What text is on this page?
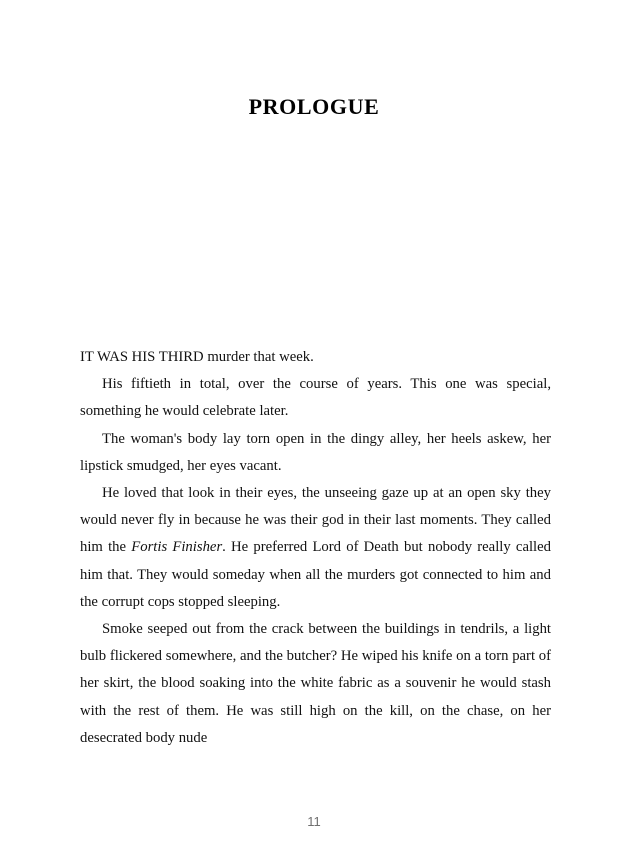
PROLOGUE

IT WAS HIS THIRD murder that week.

His fiftieth in total, over the course of years. This one was special, something he would celebrate later.

The woman's body lay torn open in the dingy alley, her heels askew, her lipstick smudged, her eyes vacant.

He loved that look in their eyes, the unseeing gaze up at an open sky they would never fly in because he was their god in their last moments. They called him the Fortis Finisher. He preferred Lord of Death but nobody really called him that. They would someday when all the murders got connected to him and the corrupt cops stopped sleeping.

Smoke seeped out from the crack between the buildings in tendrils, a light bulb flickered somewhere, and the butcher? He wiped his knife on a torn part of her skirt, the blood soaking into the white fabric as a souvenir he would stash with the rest of them. He was still high on the kill, on the chase, on her desecrated body nude

11
